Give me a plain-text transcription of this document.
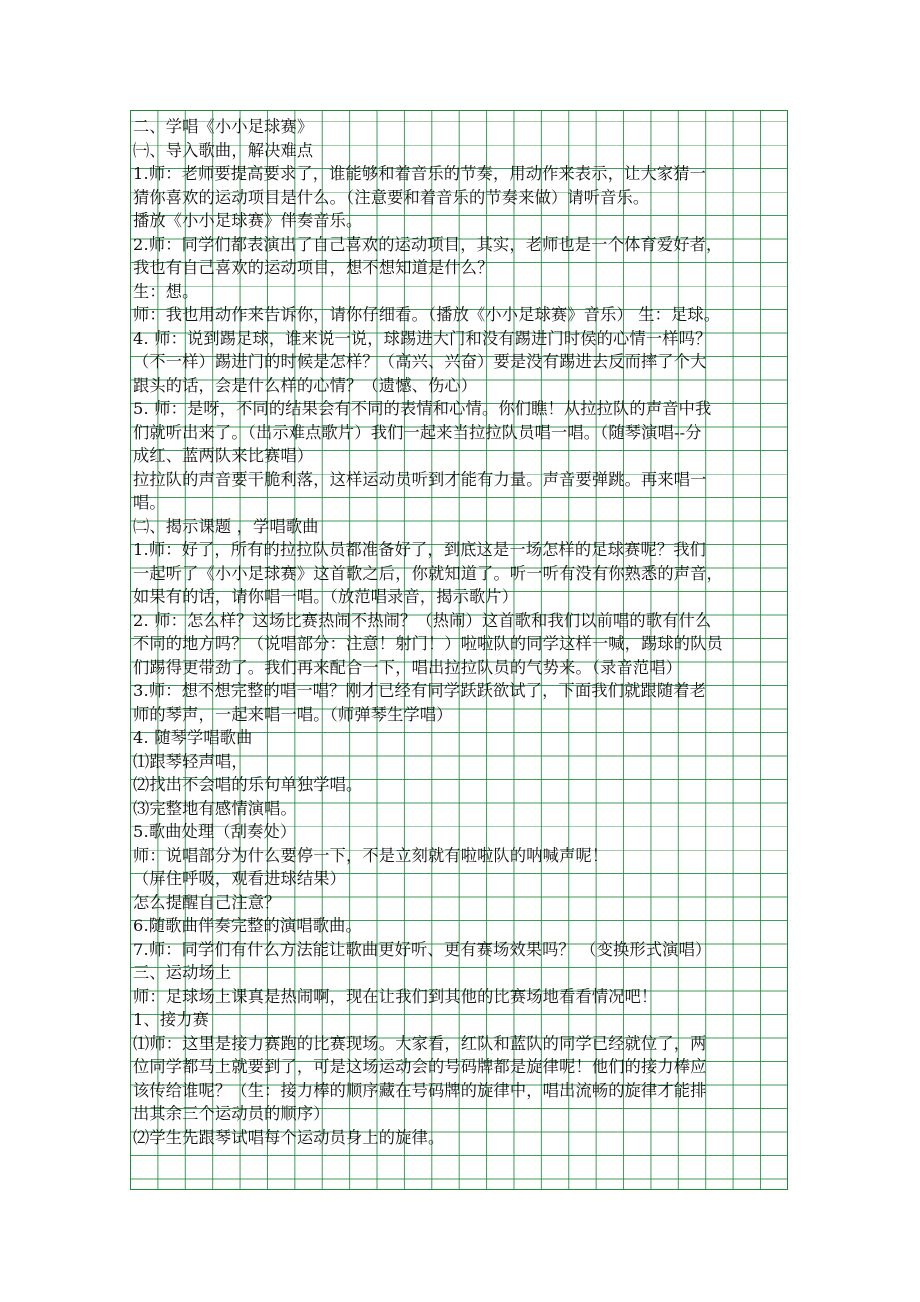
二、学唱《小小足球赛》
㈠、导入歌曲，解决难点
1.师：老师要提高要求了，谁能够和着音乐的节奏，用动作来表示，让大家猜一
猜你喜欢的运动项目是什么。（注意要和着音乐的节奏来做）请听音乐。
播放《小小足球赛》伴奏音乐。
2.师：同学们都表演出了自己喜欢的运动项目，其实，老师也是一个体育爱好者，
我也有自己喜欢的运动项目，想不想知道是什么？
生：想。
师：我也用动作来告诉你，请你仔细看。（播放《小小足球赛》音乐） 生：足球。
4. 师：说到踢足球，谁来说一说，球踢进大门和没有踢进门时侯的心情一样吗？
（不一样）踢进门的时候是怎样？（高兴、兴奋）要是没有踢进去反而摔了个大
跟头的话，会是什么样的心情？（遗憾、伤心）
5. 师：是呀，不同的结果会有不同的表情和心情。你们瞧！从拉拉队的声音中我
们就听出来了。（出示难点歌片）我们一起来当拉拉队员唱一唱。（随琴演唱--分
成红、蓝两队来比赛唱）
拉拉队的声音要干脆利落，这样运动员听到才能有力量。声音要弹跳。再来唱一
唱。
㈡、揭示课题 ，学唱歌曲
1.师：好了，所有的拉拉队员都准备好了，到底这是一场怎样的足球赛呢？我们
一起听了《小小足球赛》这首歌之后，你就知道了。听一听有没有你熟悉的声音，
如果有的话，请你唱一唱。（放范唱录音，揭示歌片）
2. 师：怎么样？这场比赛热闹不热闹？（热闹）这首歌和我们以前唱的歌有什么
不同的地方吗？（说唱部分：注意！射门！）啦啦队的同学这样一喊，踢球的队员
们踢得更带劲了。我们再来配合一下，唱出拉拉队员的气势来。（录音范唱）
3.师：想不想完整的唱一唱？刚才已经有同学跃跃欲试了，下面我们就跟随着老
师的琴声，一起来唱一唱。（师弹琴生学唱）
4. 随琴学唱歌曲
⑴跟琴轻声唱，
⑵找出不会唱的乐句单独学唱。
⑶完整地有感情演唱。
5.歌曲处理（刮奏处）
师：说唱部分为什么要停一下，不是立刻就有啦啦队的呐喊声呢！
（屏住呼吸，观看进球结果）
怎么提醒自己注意？
6.随歌曲伴奏完整的演唱歌曲。
7.师：同学们有什么方法能让歌曲更好听、更有赛场效果吗？ （变换形式演唱）
三、运动场上
师：足球场上课真是热闹啊，现在让我们到其他的比赛场地看看情况吧！
1、接力赛
⑴师：这里是接力赛跑的比赛现场。大家看，红队和蓝队的同学已经就位了，两
位同学都马上就要到了，可是这场运动会的号码牌都是旋律呢！他们的接力棒应
该传给谁呢？（生：接力棒的顺序藏在号码牌的旋律中，唱出流畅的旋律才能排
出其余三个运动员的顺序）
⑵学生先跟琴试唱每个运动员身上的旋律。
